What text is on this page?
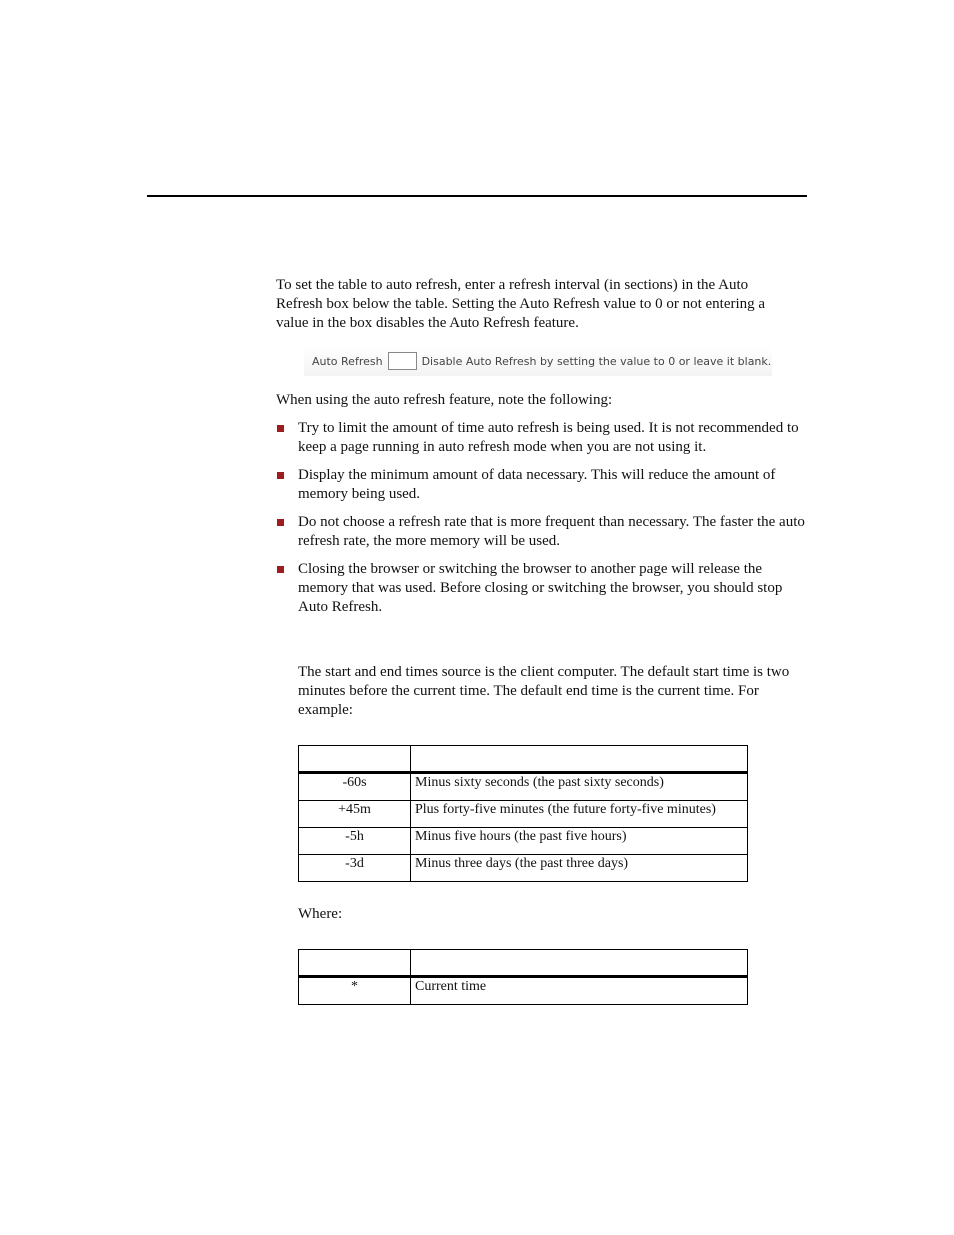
To set the table to auto refresh, enter a refresh interval (in sections) in the Auto Refresh box below the table. Setting the Auto Refresh value to 0 or not entering a value in the box disables the Auto Refresh feature.

Auto Refresh	Disable Auto Refresh by setting the value to 0 or leave it blank.

When using the auto refresh feature, note the following:

Try to limit the amount of time auto refresh is being used. It is not recommended to keep a page running in auto refresh mode when you are not using it.
Display the minimum amount of data necessary. This will reduce the amount of memory being used.
Do not choose a refresh rate that is more frequent than necessary. The faster the auto refresh rate, the more memory will be used.
Closing the browser or switching the browser to another page will release the memory that was used. Before closing or switching the browser, you should stop Auto Refresh.

The start and end times source is the client computer. The default start time is two minutes before the current time. The default end time is the current time. For example:

-60s	Minus sixty seconds (the past sixty seconds)
+45m	Plus forty-five minutes (the future forty-five minutes)
-5h	Minus five hours (the past five hours)
-3d	Minus three days (the past three days)

Where:

*	Current time
